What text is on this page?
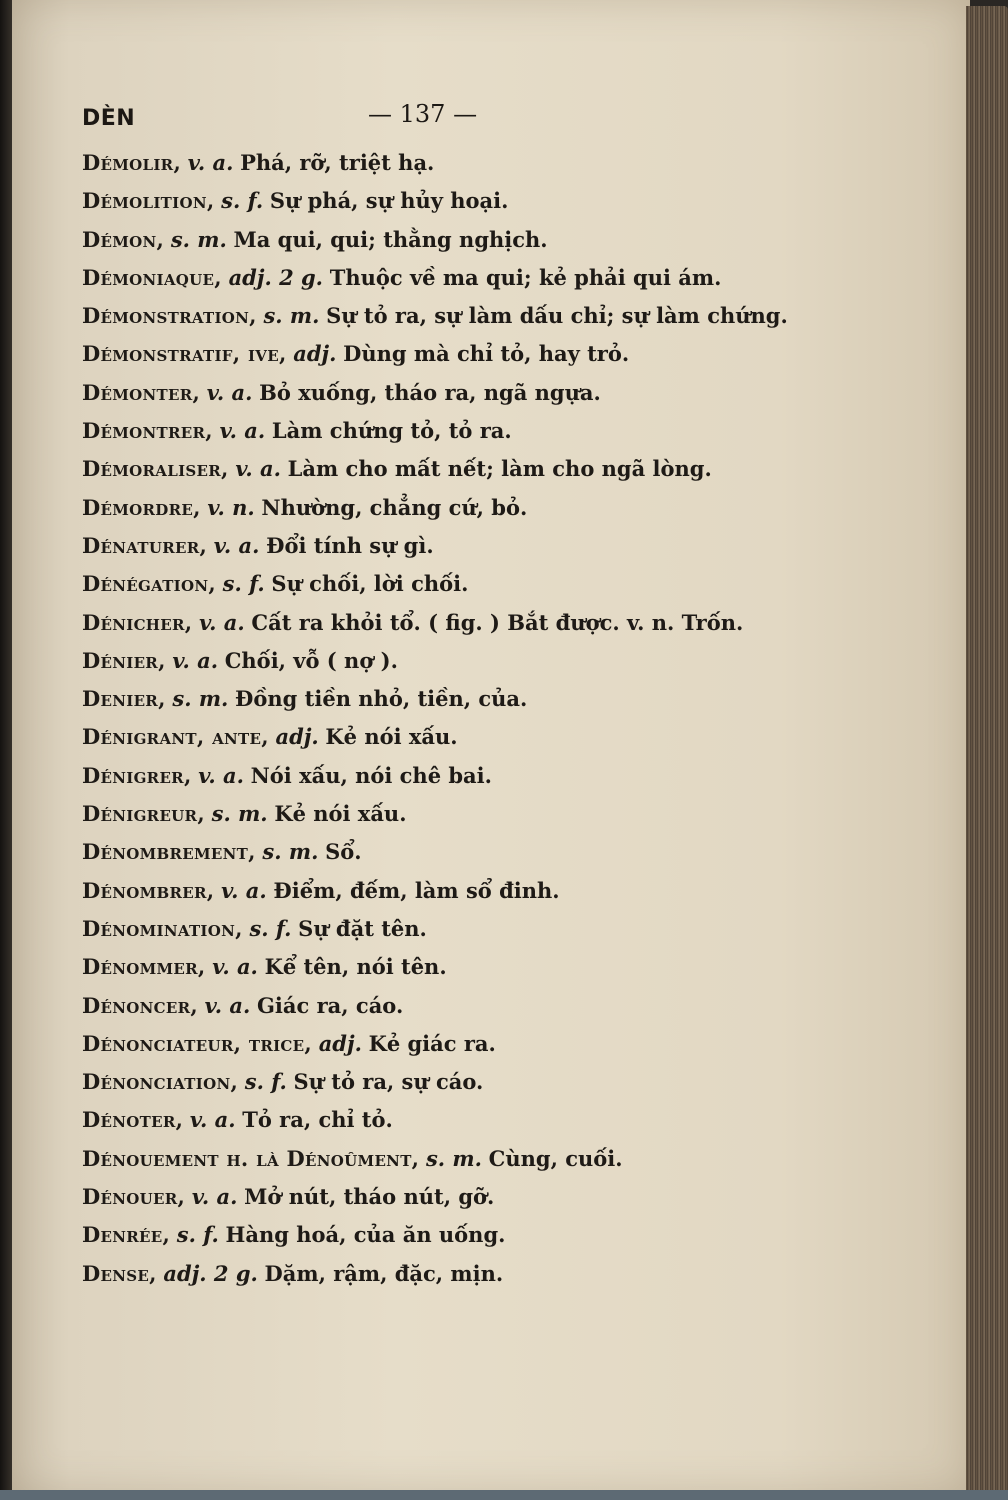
DÈN	— 137 —
Démolir, v. a. Phá, rỡ, triệt hạ.
Démolition, s. f. Sự phá, sự hủy hoại.
Démon, s. m. Ma qui, qui; thằng nghịch.
Démoniaque, adj. 2 g. Thuộc về ma qui; kẻ phải qui ám.
Démonstration, s. m. Sự tỏ ra, sự làm dấu chỉ; sự làm chứng.
Démonstratif, ive, adj. Dùng mà chỉ tỏ, hay trỏ.
Démonter, v. a. Bỏ xuống, tháo ra, ngã ngựa.
Démontrer, v. a. Làm chứng tỏ, tỏ ra.
Démoraliser, v. a. Làm cho mất nết; làm cho ngã lòng.
Démordre, v. n. Nhường, chẳng cứ, bỏ.
Dénaturer, v. a. Đổi tính sự gì.
Dénégation, s. f. Sự chối, lời chối.
Dénicher, v. a. Cất ra khỏi tổ. ( fig. ) Bắt được. v. n. Trốn.
Dénier, v. a. Chối, vỗ ( nợ ).
Denier, s. m. Đồng tiền nhỏ, tiền, của.
Dénigrant, ante, adj. Kẻ nói xấu.
Dénigrer, v. a. Nói xấu, nói chê bai.
Dénigreur, s. m. Kẻ nói xấu.
Dénombrement, s. m. Sổ.
Dénombrer, v. a. Điểm, đếm, làm sổ đinh.
Dénomination, s. f. Sự đặt tên.
Dénommer, v. a. Kể tên, nói tên.
Dénoncer, v. a. Giác ra, cáo.
Dénonciateur, trice, adj. Kẻ giác ra.
Dénonciation, s. f. Sự tỏ ra, sự cáo.
Dénoter, v. a. Tỏ ra, chỉ tỏ.
Dénouement h. là Dénoûment, s. m. Cùng, cuối.
Dénouer, v. a. Mở nút, tháo nút, gỡ.
Denrée, s. f. Hàng hoá, của ăn uống.
Dense, adj. 2 g. Dặm, rậm, đặc, mịn.
